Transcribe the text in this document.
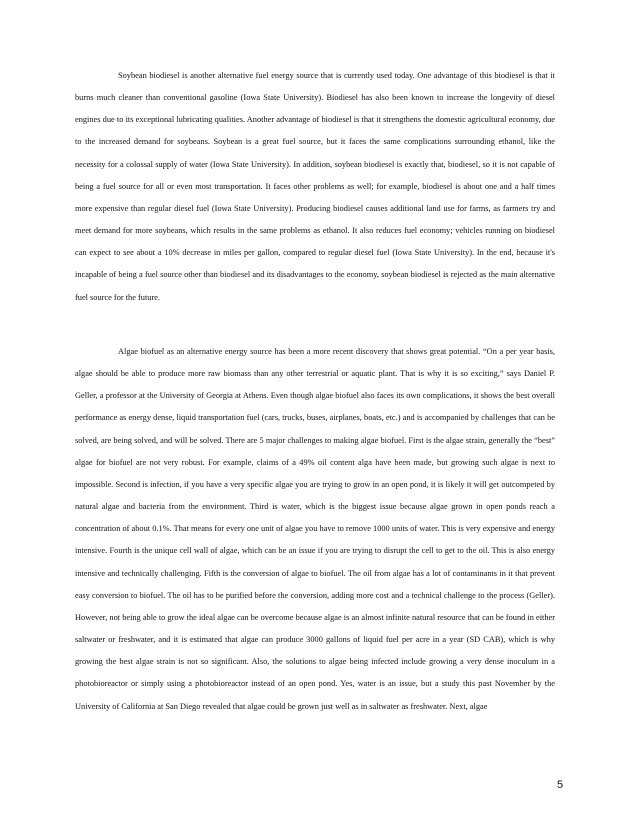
Soybean biodiesel is another alternative fuel energy source that is currently used today. One advantage of this biodiesel is that it burns much cleaner than conventional gasoline (Iowa State University). Biodiesel has also been known to increase the longevity of diesel engines due to its exceptional lubricating qualities. Another advantage of biodiesel is that it strengthens the domestic agricultural economy, due to the increased demand for soybeans. Soybean is a great fuel source, but it faces the same complications surrounding ethanol, like the necessity for a colossal supply of water (Iowa State University). In addition, soybean biodiesel is exactly that, biodiesel, so it is not capable of being a fuel source for all or even most transportation. It faces other problems as well; for example, biodiesel is about one and a half times more expensive than regular diesel fuel (Iowa State University). Producing biodiesel causes additional land use for farms, as farmers try and meet demand for more soybeans, which results in the same problems as ethanol. It also reduces fuel economy; vehicles running on biodiesel can expect to see about a 10% decrease in miles per gallon, compared to regular diesel fuel (Iowa State University). In the end, because it's incapable of being a fuel source other than biodiesel and its disadvantages to the economy, soybean biodiesel is rejected as the main alternative fuel source for the future.

Algae biofuel as an alternative energy source has been a more recent discovery that shows great potential. “On a per year basis, algae should be able to produce more raw biomass than any other terrestrial or aquatic plant. That is why it is so exciting,” says Daniel P. Geller, a professor at the University of Georgia at Athens. Even though algae biofuel also faces its own complications, it shows the best overall performance as energy dense, liquid transportation fuel (cars, trucks, buses, airplanes, boats, etc.) and is accompanied by challenges that can be solved, are being solved, and will be solved. There are 5 major challenges to making algae biofuel. First is the algae strain, generally the “best” algae for biofuel are not very robust. For example, claims of a 49% oil content alga have been made, but growing such algae is next to impossible. Second is infection, if you have a very specific algae you are trying to grow in an open pond, it is likely it will get outcompeted by natural algae and bacteria from the environment. Third is water, which is the biggest issue because algae grown in open ponds reach a concentration of about 0.1%. That means for every one unit of algae you have to remove 1000 units of water. This is very expensive and energy intensive. Fourth is the unique cell wall of algae, which can be an issue if you are trying to disrupt the cell to get to the oil. This is also energy intensive and technically challenging. Fifth is the conversion of algae to biofuel. The oil from algae has a lot of contaminants in it that prevent easy conversion to biofuel. The oil has to be purified before the conversion, adding more cost and a technical challenge to the process (Geller). However, not being able to grow the ideal algae can be overcome because algae is an almost infinite natural resource that can be found in either saltwater or freshwater, and it is estimated that algae can produce 3000 gallons of liquid fuel per acre in a year (SD CAB), which is why growing the best algae strain is not so significant. Also, the solutions to algae being infected include growing a very dense inoculum in a photobioreactor or simply using a photobioreactor instead of an open pond. Yes, water is an issue, but a study this past November by the University of California at San Diego revealed that algae could be grown just well as in saltwater as freshwater. Next, algae

5
